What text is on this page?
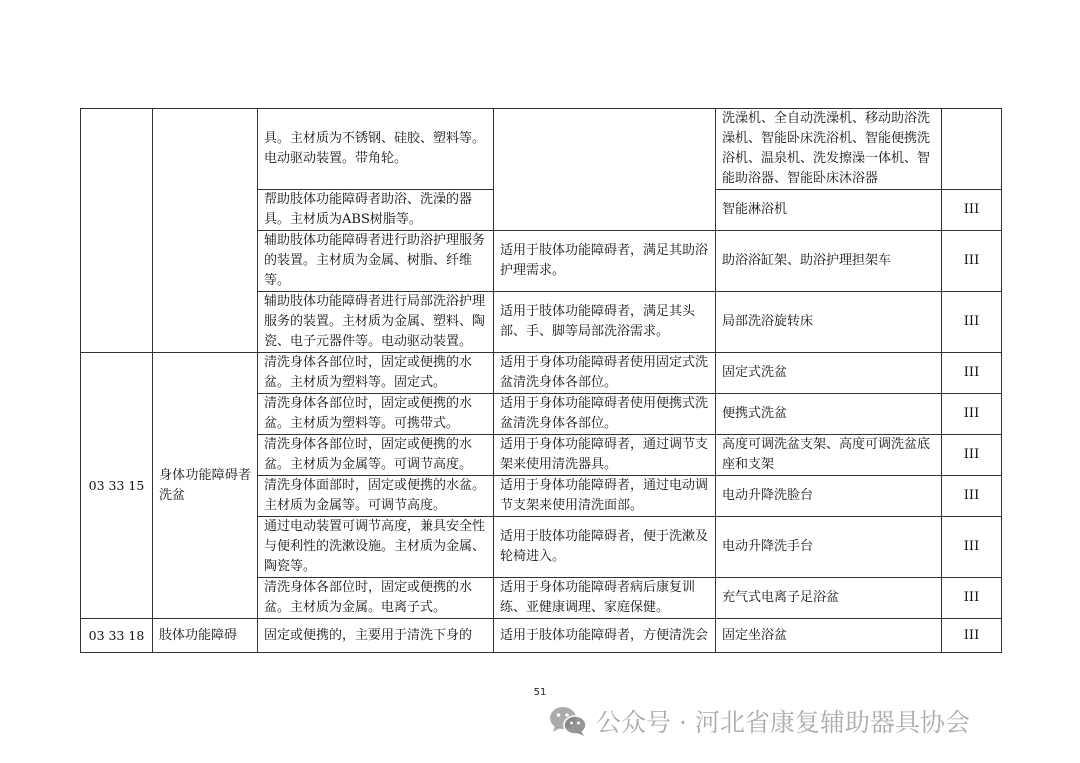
		具。主材质为不锈钢、硅胶、塑料等。电动驱动装置。带角轮。		洗澡机、全自动洗澡机、移动助浴洗澡机、智能卧床洗浴机、智能便携洗浴机、温泉机、洗发擦澡一体机、智能助浴器、智能卧床沐浴器	
		帮助肢体功能障碍者助浴、洗澡的器具。主材质为ABS树脂等。		智能淋浴机	III
		辅助肢体功能障碍者进行助浴护理服务的装置。主材质为金属、树脂、纤维等。	适用于肢体功能障碍者，满足其助浴护理需求。	助浴浴缸架、助浴护理担架车	III
		辅助肢体功能障碍者进行局部洗浴护理服务的装置。主材质为金属、塑料、陶瓷、电子元器件等。电动驱动装置。	适用于肢体功能障碍者，满足其头部、手、脚等局部洗浴需求。	局部洗浴旋转床	III
03 33 15	身体功能障碍者洗盆	清洗身体各部位时，固定或便携的水盆。主材质为塑料等。固定式。	适用于身体功能障碍者使用固定式洗盆清洗身体各部位。	固定式洗盆	III
		清洗身体各部位时，固定或便携的水盆。主材质为塑料等。可携带式。	适用于身体功能障碍者使用便携式洗盆清洗身体各部位。	便携式洗盆	III
		清洗身体各部位时，固定或便携的水盆。主材质为金属等。可调节高度。	适用于身体功能障碍者，通过调节支架来使用清洗器具。	高度可调洗盆支架、高度可调洗盆底座和支架	III
		清洗身体面部时，固定或便携的水盆。主材质为金属等。可调节高度。	适用于身体功能障碍者，通过电动调节支架来使用清洗面部。	电动升降洗脸台	III
		通过电动装置可调节高度，兼具安全性与便利性的洗漱设施。主材质为金属、陶瓷等。	适用于肢体功能障碍者，便于洗漱及轮椅进入。	电动升降洗手台	III
		清洗身体各部位时，固定或便携的水盆。主材质为金属。电离子式。	适用于身体功能障碍者病后康复训练、亚健康调理、家庭保健。	充气式电离子足浴盆	III
03 33 18	肢体功能障碍	固定或便携的，主要用于清洗下身的	适用于肢体功能障碍者，方便清洗会	固定坐浴盆	III
51
公众号 · 河北省康复辅助器具协会
